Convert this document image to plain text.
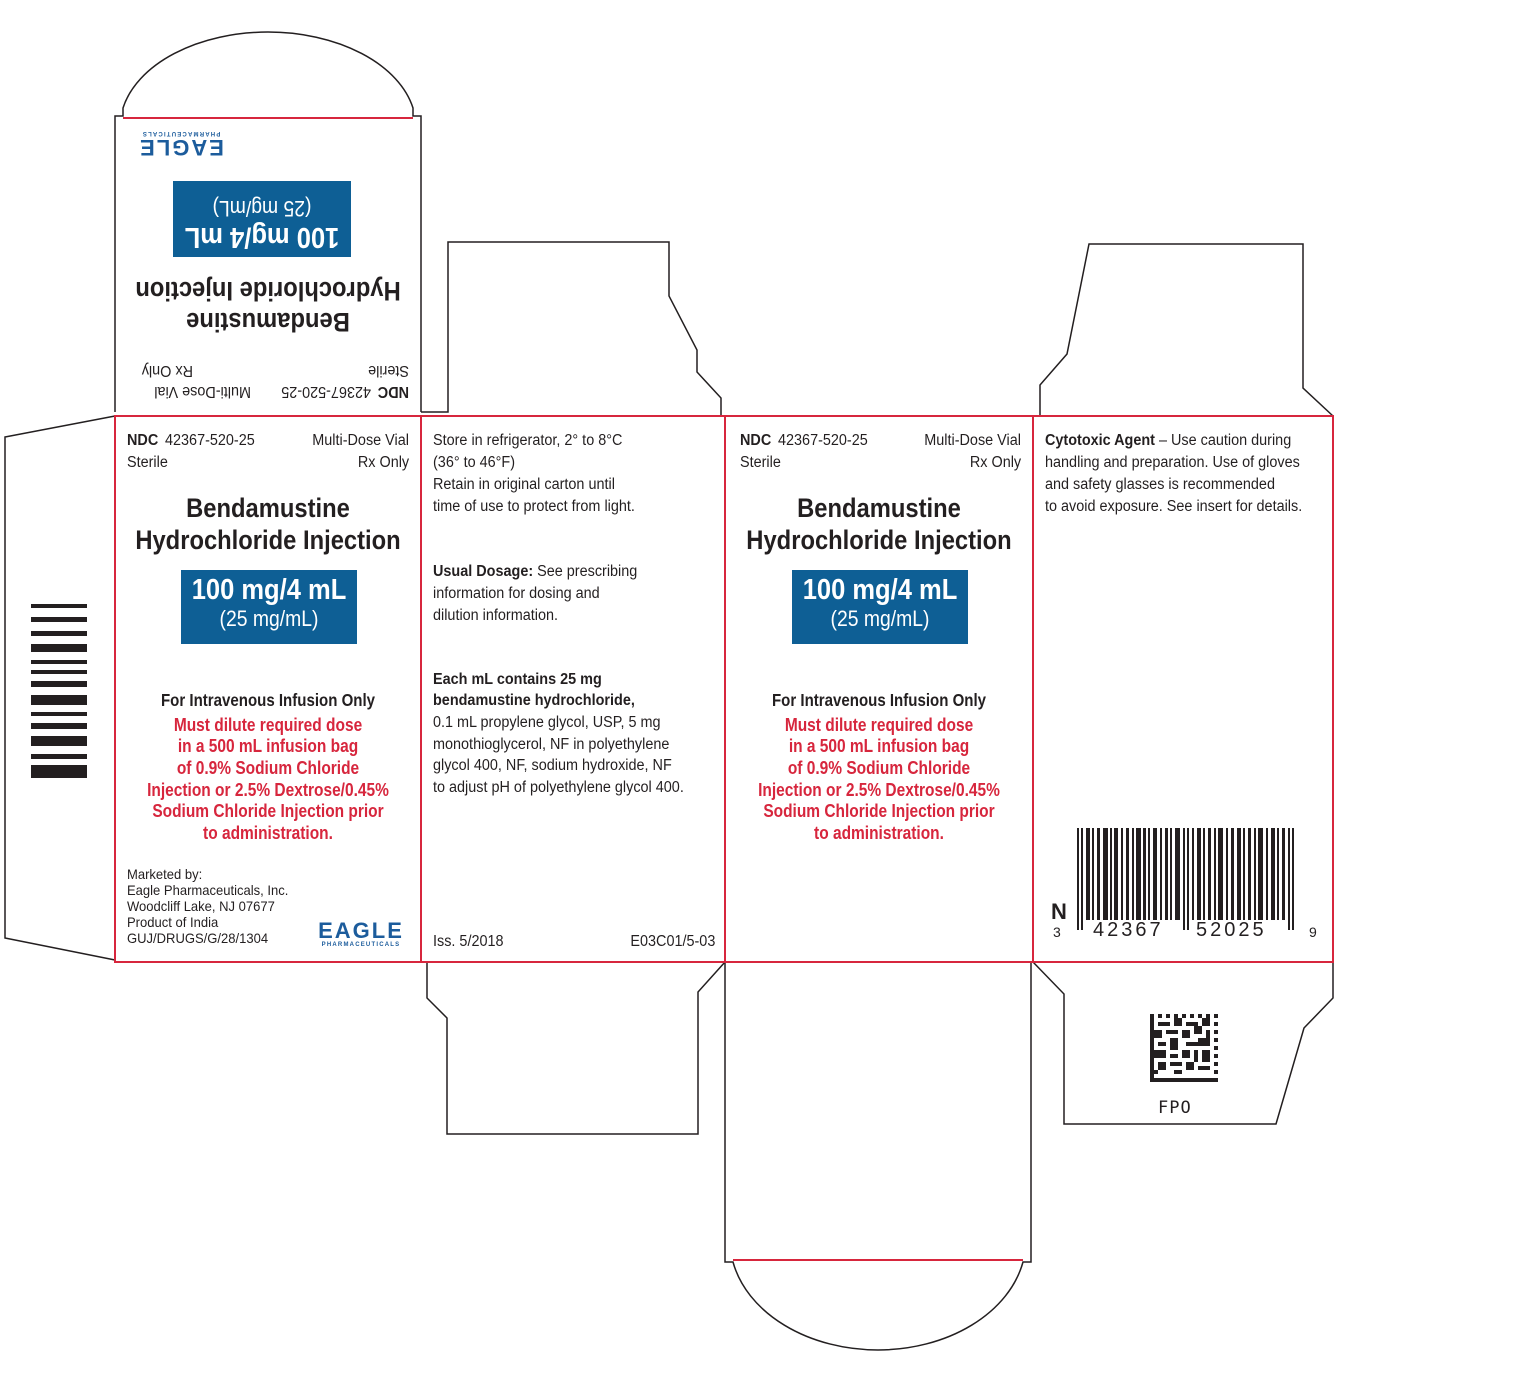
NDC
42367-520-25
Sterile
Multi-Dose Vial
Rx Only
Bendamustine
Hydrochloride Injection
100 mg/4 mL
(25 mg/mL)
EAGLE
PHARMACEUTICALS
NDC 42367-520-25
Sterile
Multi-Dose Vial
Rx Only
Bendamustine
Hydrochloride Injection
100 mg/4 mL
(25 mg/mL)
For Intravenous Infusion Only
Must dilute required dose
in a 500 mL infusion bag
of 0.9% Sodium Chloride
Injection or 2.5% Dextrose/0.45%
Sodium Chloride Injection prior
to administration.
Marketed by:
Eagle Pharmaceuticals, Inc.
Woodcliff Lake, NJ 07677
Product of India
GUJ/DRUGS/G/28/1304	EAGLE
PHARMACEUTICALS
Store in refrigerator, 2° to 8°C
(36° to 46°F)
Retain in original carton until
time of use to protect from light.
Usual Dosage: See prescribing
information for dosing and
dilution information.
Each mL contains 25 mg
bendamustine hydrochloride,
0.1 mL propylene glycol, USP, 5 mg
monothioglycerol, NF in polyethylene
glycol 400, NF, sodium hydroxide, NF
to adjust pH of polyethylene glycol 400.
Iss. 5/2018	E03C01/5-03
NDC 42367-520-25
Sterile
Multi-Dose Vial
Rx Only
Bendamustine
Hydrochloride Injection
100 mg/4 mL
(25 mg/mL)
For Intravenous Infusion Only
Must dilute required dose
in a 500 mL infusion bag
of 0.9% Sodium Chloride
Injection or 2.5% Dextrose/0.45%
Sodium Chloride Injection prior
to administration.
Cytotoxic Agent – Use caution during
handling and preparation. Use of gloves
and safety glasses is recommended
to avoid exposure. See insert for details.
N
3 42367 52025	9
FPO
